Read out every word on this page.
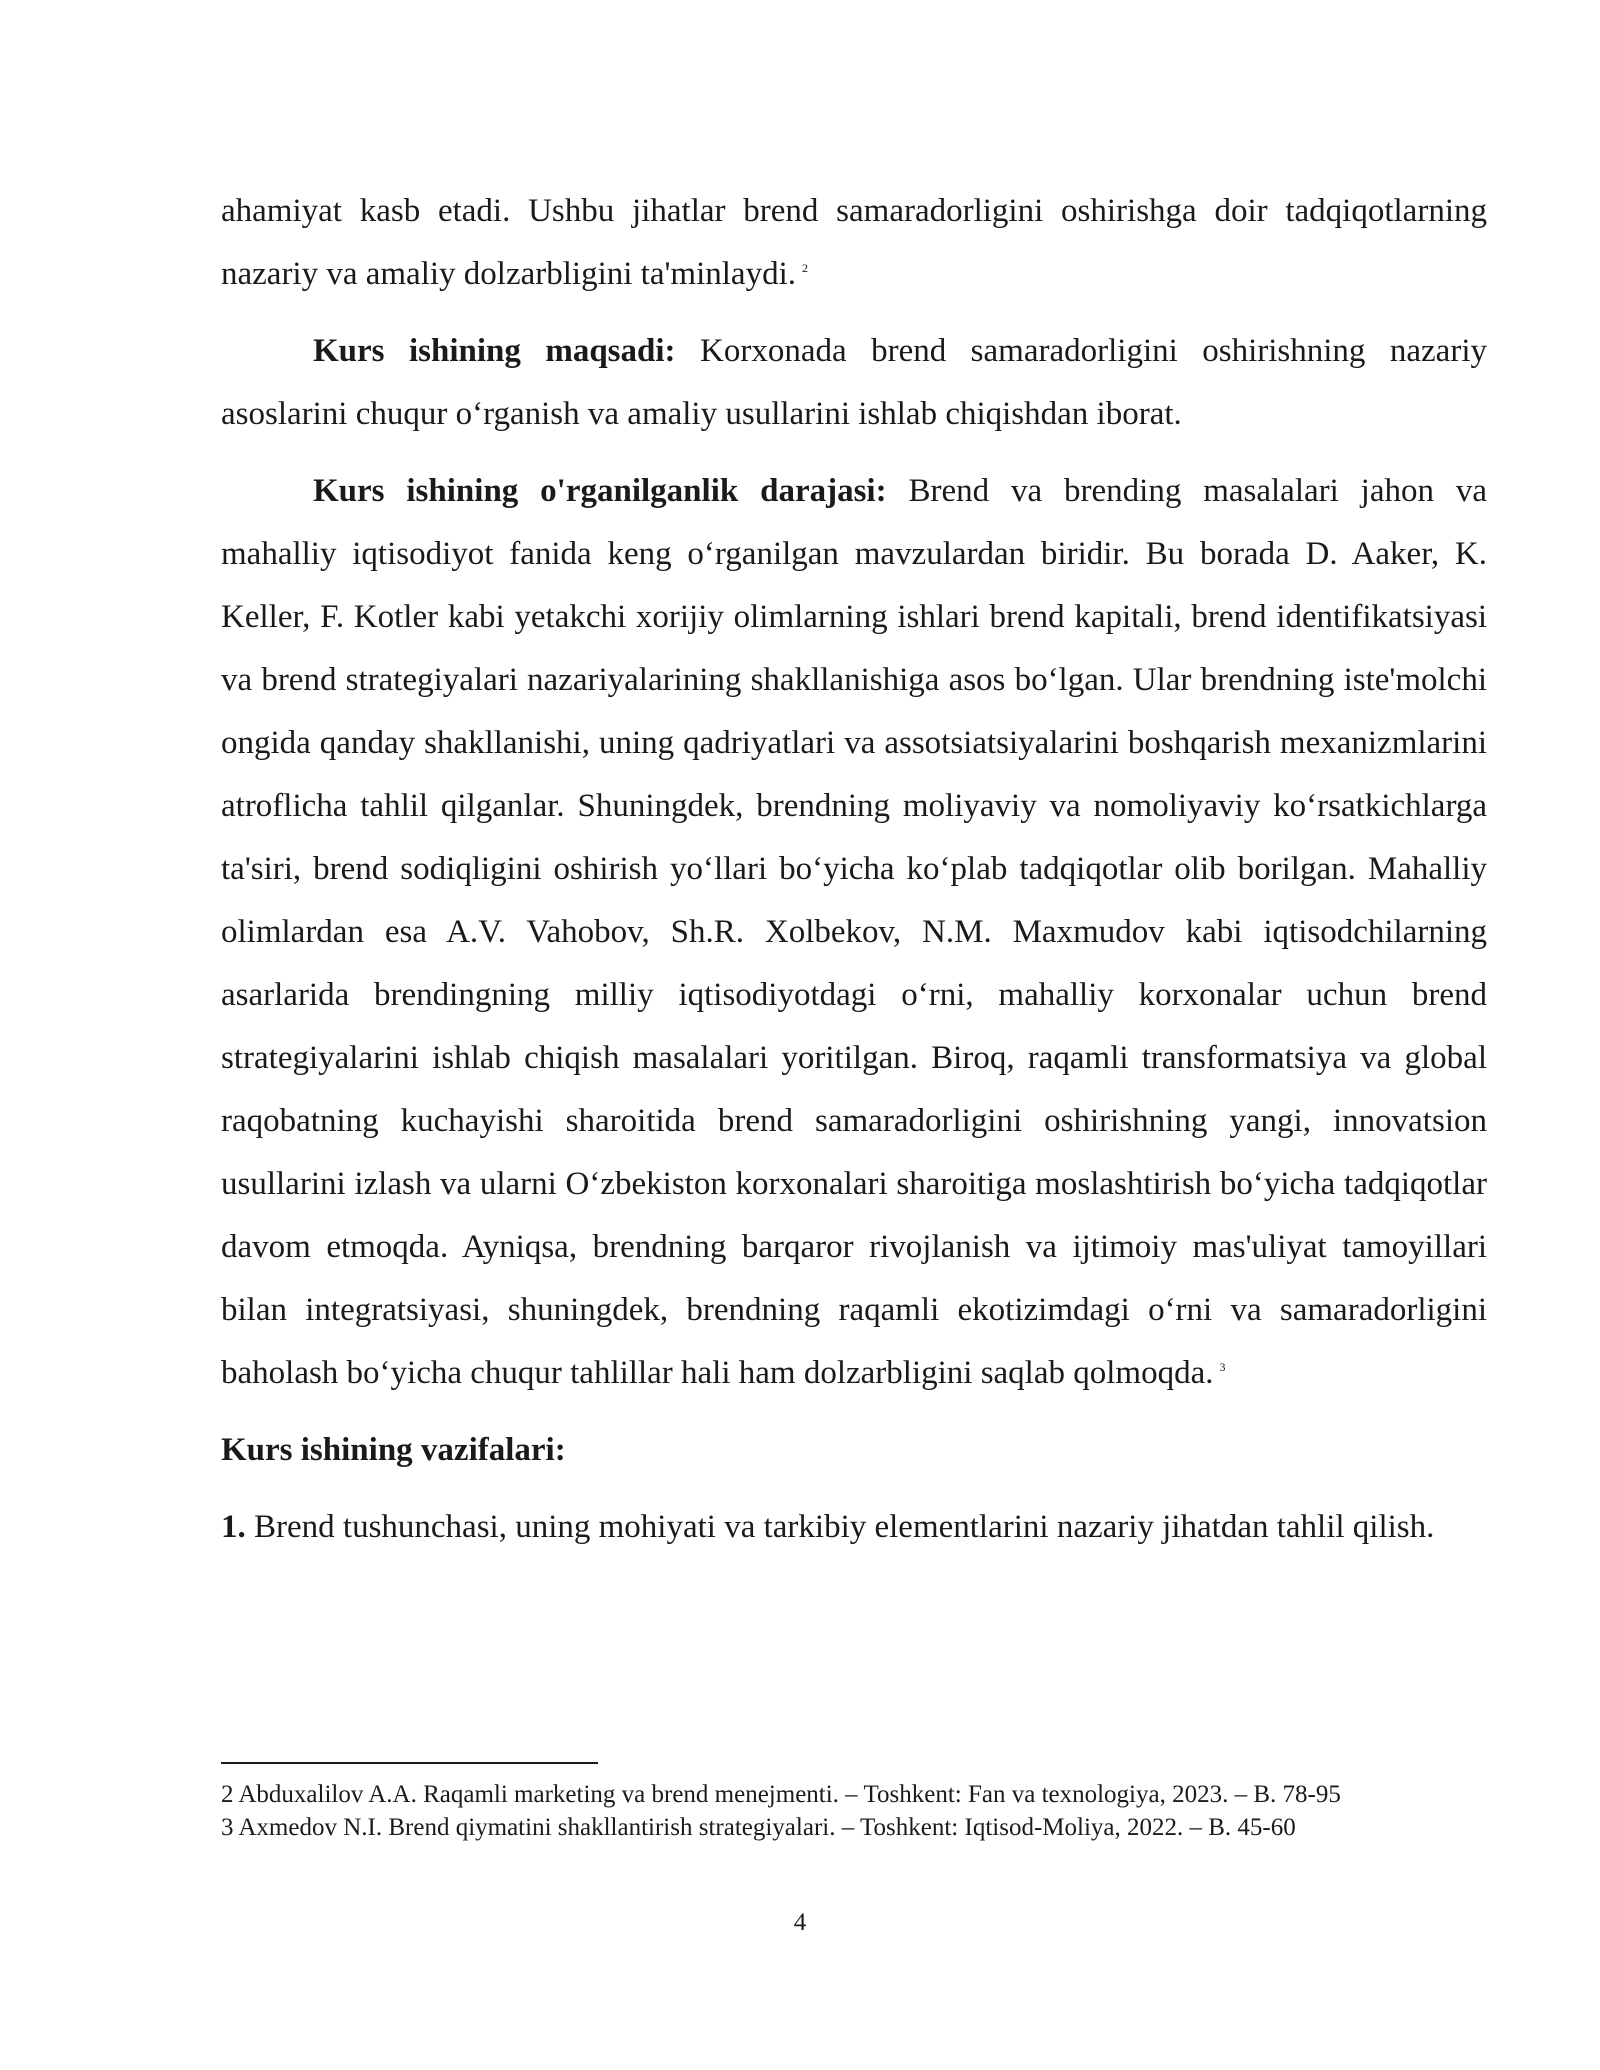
ahamiyat kasb etadi. Ushbu jihatlar brend samaradorligini oshirishga doir tadqiqotlarning nazariy va amaliy dolzarbligini ta'minlaydi. $^2$

Kurs ishining maqsadi: Korxonada brend samaradorligini oshirishning nazariy asoslarini chuqur o‘rganish va amaliy usullarini ishlab chiqishdan iborat.

Kurs ishining o'rganilganlik darajasi: Brend va brending masalalari jahon va mahalliy iqtisodiyot fanida keng o‘rganilgan mavzulardan biridir. Bu borada D. Aaker, K. Keller, F. Kotler kabi yetakchi xorijiy olimlarning ishlari brend kapitali, brend identifikatsiyasi va brend strategiyalari nazariyalarining shakllanishiga asos bo‘lgan. Ular brendning iste'molchi ongida qanday shakllanishi, uning qadriyatlari va assotsiatsiyalarini boshqarish mexanizmlarini atroflicha tahlil qilganlar. Shuningdek, brendning moliyaviy va nomoliyaviy ko‘rsatkichlarga ta'siri, brend sodiqligini oshirish yo‘llari bo‘yicha ko‘plab tadqiqotlar olib borilgan. Mahalliy olimlardan esa A.V. Vahobov, Sh.R. Xolbekov, N.M. Maxmudov kabi iqtisodchilarning asarlarida brendingning milliy iqtisodiyotdagi o‘rni, mahalliy korxonalar uchun brend strategiyalarini ishlab chiqish masalalari yoritilgan. Biroq, raqamli transformatsiya va global raqobatning kuchayishi sharoitida brend samaradorligini oshirishning yangi, innovatsion usullarini izlash va ularni O‘zbekiston korxonalari sharoitiga moslashtirish bo‘yicha tadqiqotlar davom etmoqda. Ayniqsa, brendning barqaror rivojlanish va ijtimoiy mas'uliyat tamoyillari bilan integratsiyasi, shuningdek, brendning raqamli ekotizimdagi o‘rni va samaradorligini baholash bo‘yicha chuqur tahlillar hali ham dolzarbligini saqlab qolmoqda. $^3$

Kurs ishining vazifalari:

1. Brend tushunchasi, uning mohiyati va tarkibiy elementlarini nazariy jihatdan tahlil qilish.

2 Abduxalilov A.A. Raqamli marketing va brend menejmenti. – Toshkent: Fan va texnologiya, 2023. – B. 78-95

3 Axmedov N.I. Brend qiymatini shakllantirish strategiyalari. – Toshkent: Iqtisod-Moliya, 2022. – B. 45-60

4
